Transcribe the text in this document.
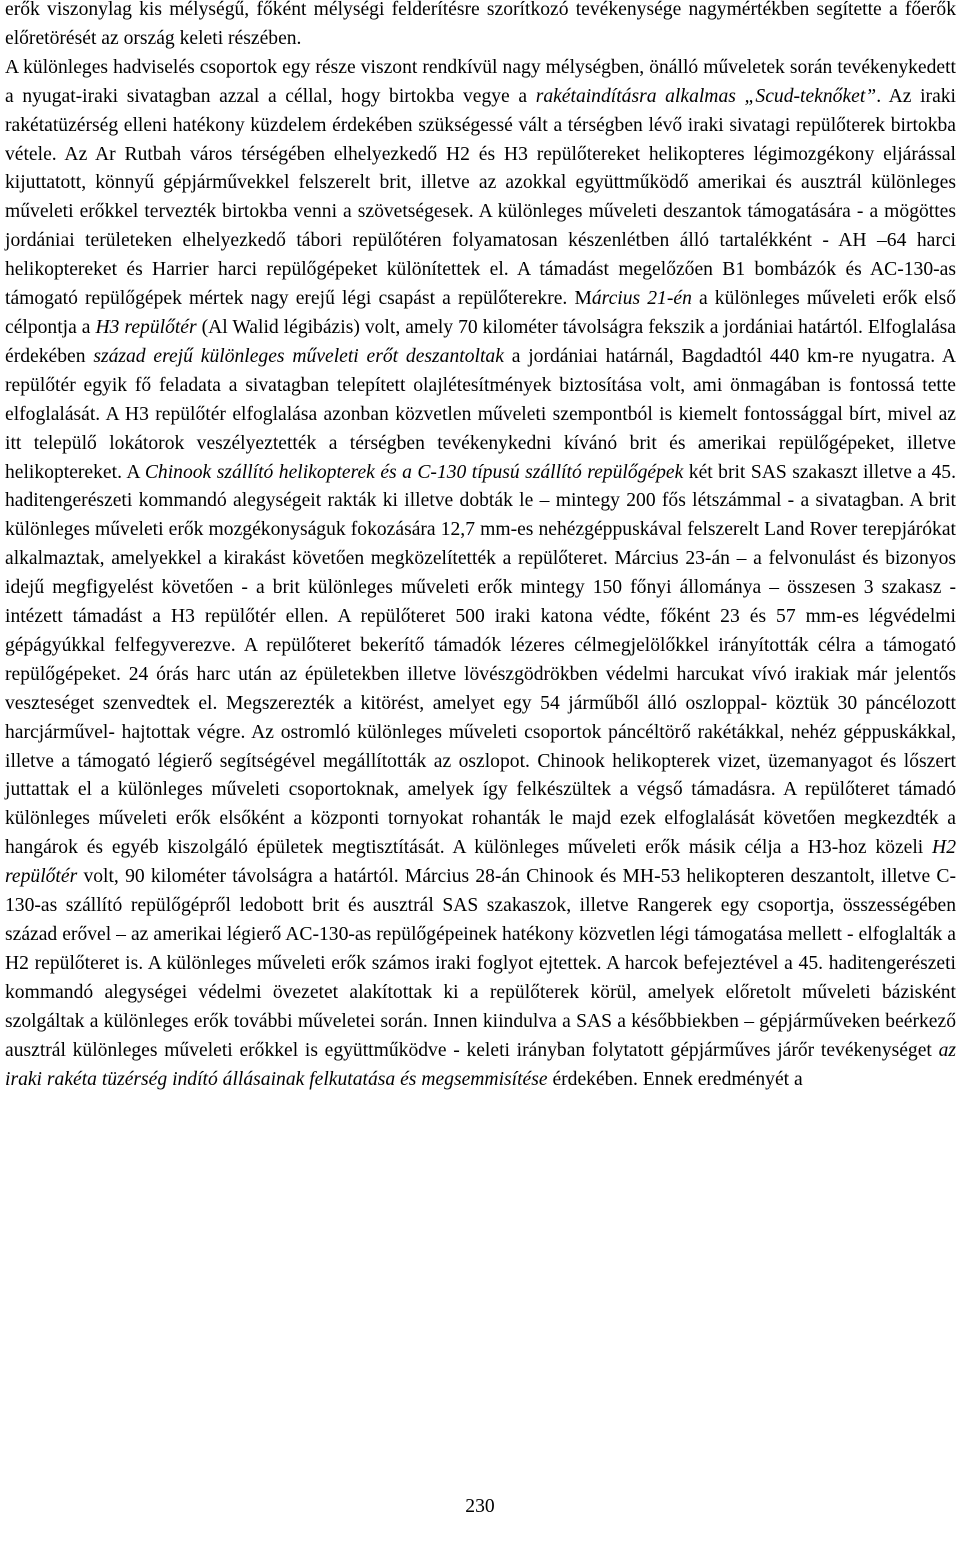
erők viszonylag kis mélységű, főként mélységi felderítésre szorítkozó tevékenysége nagymértékben segítette a főerők előretörését az ország keleti részében.

A különleges hadviselés csoportok egy része viszont rendkívül nagy mélységben, önálló műveletek során tevékenykedett a nyugat-iraki sivatagban azzal a céllal, hogy birtokba vegye a rakétaindításra alkalmas „Scud-teknőket”. Az iraki rakétatüzérség elleni hatékony küzdelem érdekében szükségessé vált a térségben lévő iraki sivatagi repülőterek birtokba vétele. Az Ar Rutbah város térségében elhelyezkedő H2 és H3 repülőtereket helikopteres légimozgékony eljárással kijuttatott, könnyű gépjárművekkel felszerelt brit, illetve az azokkal együttműködő amerikai és ausztrál különleges műveleti erőkkel tervezték birtokba venni a szövetségesek. A különleges műveleti deszantok támogatására - a mögöttes jordániai területeken elhelyezkedő tábori repülőtéren folyamatosan készenlétben álló tartalékként - AH –64 harci helikoptereket és Harrier harci repülőgépeket különítettek el. A támadást megelőzően B1 bombázók és AC-130-as támogató repülőgépek mértek nagy erejű légi csapást a repülőterekre. Március 21-én a különleges műveleti erők első célpontja a H3 repülőtér (Al Walid légibázis) volt, amely 70 kilométer távolságra fekszik a jordániai határtól. Elfoglalása érdekében század erejű különleges műveleti erőt deszantoltak a jordániai határnál, Bagdadtól 440 km-re nyugatra. A repülőtér egyik fő feladata a sivatagban telepített olajlétesítmények biztosítása volt, ami önmagában is fontossá tette elfoglalását. A H3 repülőtér elfoglalása azonban közvetlen műveleti szempontból is kiemelt fontossággal bírt, mivel az itt települő lokátorok veszélyeztették a térségben tevékenykedni kívánó brit és amerikai repülőgépeket, illetve helikoptereket. A Chinook szállító helikopterek és a C-130 típusú szállító repülőgépek két brit SAS szakaszt illetve a 45. haditengerészeti kommandó alegységeit rakták ki illetve dobták le – mintegy 200 fős létszámmal - a sivatagban. A brit különleges műveleti erők mozgékonyságuk fokozására 12,7 mm-es nehézgéppuskával felszerelt Land Rover terepjárókat alkalmaztak, amelyekkel a kirakást követően megközelítették a repülőteret. Március 23-án – a felvonulást és bizonyos idejű megfigyelést követően - a brit különleges műveleti erők mintegy 150 főnyi állománya – összesen 3 szakasz - intézett támadást a H3 repülőtér ellen. A repülőteret 500 iraki katona védte, főként 23 és 57 mm-es légvédelmi gépágyúkkal felfegyverezve. A repülőteret bekerítő támadók lézeres célmegjelölőkkel irányították célra a támogató repülőgépeket. 24 órás harc után az épületekben illetve lövészgödrökben védelmi harcukat vívó irakiak már jelentős veszteséget szenvedtek el. Megszerezték a kitörést, amelyet egy 54 járműből álló oszloppal- köztük 30 páncélozott harcjárművel- hajtottak végre. Az ostromló különleges műveleti csoportok páncéltörő rakétákkal, nehéz géppuskákkal, illetve a támogató légierő segítségével megállították az oszlopot. Chinook helikopterek vizet, üzemanyagot és lőszert juttattak el a különleges műveleti csoportoknak, amelyek így felkészültek a végső támadásra. A repülőteret támadó különleges műveleti erők elsőként a központi tornyokat rohanták le majd ezek elfoglalását követően megkezdték a hangárok és egyéb kiszolgáló épületek megtisztítását. A különleges műveleti erők másik célja a H3-hoz közeli H2 repülőtér volt, 90 kilométer távolságra a határtól. Március 28-án Chinook és MH-53 helikopteren deszantolt, illetve C-130-as szállító repülőgépről ledobott brit és ausztrál SAS szakaszok, illetve Rangerek egy csoportja, összességében század erővel – az amerikai légierő AC-130-as repülőgépeinek hatékony közvetlen légi támogatása mellett - elfoglalták a H2 repülőteret is. A különleges műveleti erők számos iraki foglyot ejtettek. A harcok befejeztével a 45. haditengerészeti kommandó alegységei védelmi övezetet alakítottak ki a repülőterek körül, amelyek előretolt műveleti bázisként szolgáltak a különleges erők további műveletei során. Innen kiindulva a SAS a későbbiekben – gépjárműveken beérkező ausztrál különleges műveleti erőkkel is együttműködve - keleti irányban folytatott gépjárműves járőr tevékenységet az iraki rakéta tüzérség indító állásainak felkutatása és megsemmisítése érdekében. Ennek eredményét a

230
